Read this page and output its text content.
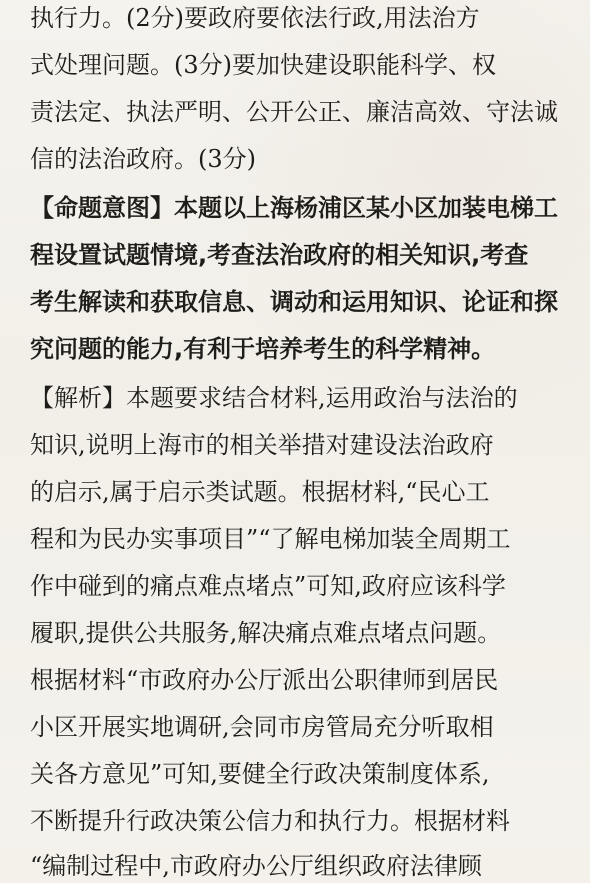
执行力。(2分)要政府要依法行政,用法治方
式处理问题。(3分)要加快建设职能科学、权
责法定、执法严明、公开公正、廉洁高效、守法诚
信的法治政府。(3分)
【命题意图】本题以上海杨浦区某小区加装电梯工
程设置试题情境,考查法治政府的相关知识,考查
考生解读和获取信息、调动和运用知识、论证和探
究问题的能力,有利于培养考生的科学精神。
【解析】本题要求结合材料,运用政治与法治的
知识,说明上海市的相关举措对建设法治政府
的启示,属于启示类试题。根据材料,“民心工
程和为民办实事项目”“了解电梯加装全周期工
作中碰到的痛点难点堵点”可知,政府应该科学
履职,提供公共服务,解决痛点难点堵点问题。
根据材料“市政府办公厅派出公职律师到居民
小区开展实地调研,会同市房管局充分听取相
关各方意见”可知,要健全行政决策制度体系,
不断提升行政决策公信力和执行力。根据材料
“编制过程中,市政府办公厅组织政府法律顾
